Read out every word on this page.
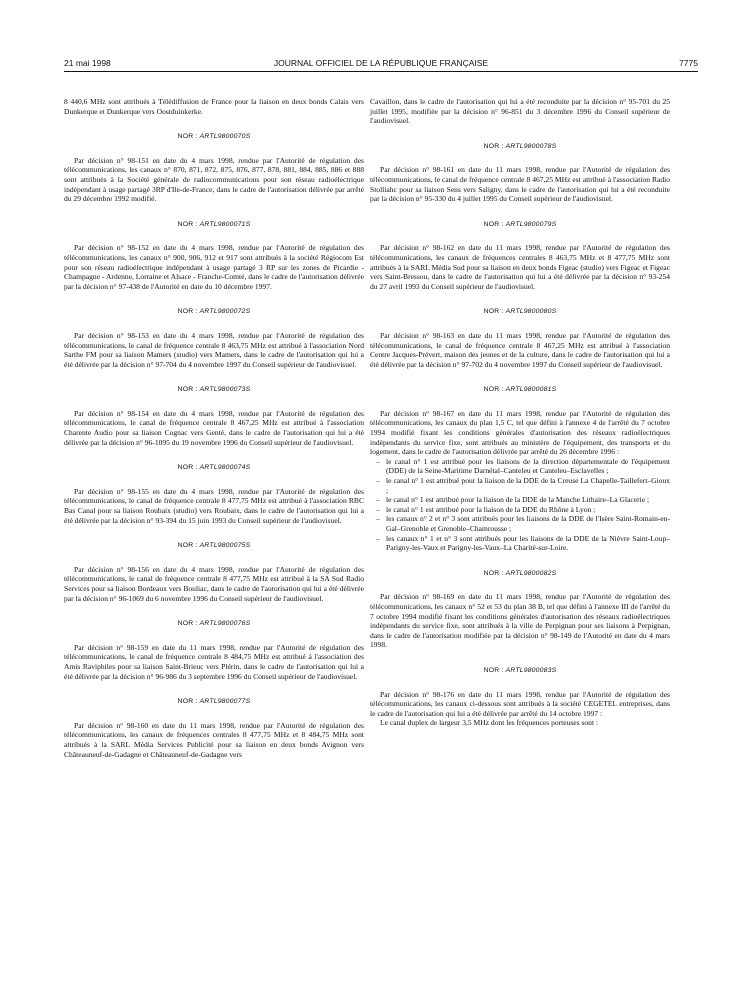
21 mai 1998	JOURNAL OFFICIEL DE LA RÉPUBLIQUE FRANÇAISE	7775

8 440,6 MHz sont attribués à Télédiffusion de France pour la liaison en deux bonds Calais vers Dunkerque et Dunkerque vers Oostduinkerke.

NOR : ARTL9800070S

Par décision n° 98-151 en date du 4 mars 1998, rendue par l'Autorité de régulation des télécommunications, les canaux n° 870, 871, 872, 875, 876, 877, 878, 881, 884, 885, 886 et 888 sont attribués à la Société générale de radiocommunications pour son réseau radioélectrique indépendant à usage partagé 3RP d'Ile-de-France, dans le cadre de l'autorisation délivrée par arrêté du 29 décembre 1992 modifié.

NOR : ARTL9800071S

Par décision n° 98-152 en date du 4 mars 1998, rendue par l'Autorité de régulation des télécommunications, les canaux n° 900, 906, 912 et 917 sont attribués à la société Régiocom Est pour son réseau radioélectrique indépendant à usage partagé 3 RP sur les zones de Picardie - Champagne - Ardenne, Lorraine et Alsace - Franche-Comté, dans le cadre de l'autorisation délivrée par la décision n° 97-438 de l'Autorité en date du 10 décembre 1997.

NOR : ARTL9800072S

Par décision n° 98-153 en date du 4 mars 1998, rendue par l'Autorité de régulation des télécommunications, le canal de fréquence centrale 8 463,75 MHz est attribué à l'association Nord Sarthe FM pour sa liaison Mamers (studio) vers Mamers, dans le cadre de l'autorisation qui lui a été délivrée par la décision n° 97-704 du 4 novembre 1997 du Conseil supérieur de l'audiovisuel.

NOR : ARTL9800073S

Par décision n° 98-154 en date du 4 mars 1998, rendue par l'Autorité de régulation des télécommunications, le canal de fréquence centrale 8 467,25 MHz est attribué à l'association Charente Audio pour sa liaison Cognac vers Genté, dans le cadre de l'autorisation qui lui a été délivrée par la décision n° 96-1095 du 19 novembre 1996 du Conseil supérieur de l'audiovisuel.

NOR : ARTL9800074S

Par décision n° 98-155 en date du 4 mars 1998, rendue par l'Autorité de régulation des télécommunications, le canal de fréquence centrale 8 477,75 MHz est attribué à l'association RBC Bas Canal pour sa liaison Roubaix (studio) vers Roubaix, dans le cadre de l'autorisation qui lui a été délivrée par la décision n° 93-394 du 15 juin 1993 du Conseil supérieur de l'audiovisuel.

NOR : ARTL9800075S

Par décision n° 98-156 en date du 4 mars 1998, rendue par l'Autorité de régulation des télécommunications, le canal de fréquence centrale 8 477,75 MHz est attribué à la SA Sud Radio Services pour sa liaison Bordeaux vers Bouliac, dans le cadre de l'autorisation qui lui a été délivrée par la décision n° 96-1069 du 6 novembre 1996 du Conseil supérieur de l'audiovisuel.

NOR : ARTL9800076S

Par décision n° 98-159 en date du 11 mars 1998, rendue par l'Autorité de régulation des télécommunications, le canal de fréquence centrale 8 484,75 MHz est attribué à l'association des Amis Raviphiles pour sa liaison Saint-Brieuc vers Plérin, dans le cadre de l'autorisation qui lui a été délivrée par la décision n° 96-986 du 3 septembre 1996 du Conseil supérieur de l'audiovisuel.

NOR : ARTL9800077S

Par décision n° 98-160 en date du 11 mars 1998, rendue par l'Autorité de régulation des télécommunications, les canaux de fréquences centrales 8 477,75 MHz et 8 484,75 MHz sont attribués à la SARL Média Services Publicité pour sa liaison en deux bonds Avignon vers Châteauneuf-de-Gadagne et Châteauneuf-de-Gadagne vers

Cavaillon, dans le cadre de l'autorisation qui lui a été reconduite par la décision n° 95-701 du 25 juillet 1995, modifiée par la décision n° 96-851 du 3 décembre 1996 du Conseil supérieur de l'audiovisuel.

NOR : ARTL9800078S

Par décision n° 98-161 en date du 11 mars 1998, rendue par l'Autorité de régulation des télécommunications, le canal de fréquence centrale 8 467,25 MHz est attribué à l'association Radio Stolliahc pour sa liaison Sens vers Saligny, dans le cadre de l'autorisation qui lui a été reconduite par la décision n° 95-330 du 4 juillet 1995 du Conseil supérieur de l'audiovisuel.

NOR : ARTL9800079S

Par décision n° 98-162 en date du 11 mars 1998, rendue par l'Autorité de régulation des télécommunications, les canaux de fréquences centrales 8 463,75 MHz et 8 477,75 MHz sont attribués à la SARL Média Sud pour sa liaison en deux bonds Figeac (studio) vers Figeac et Figeac vers Saint-Bressou, dans le cadre de l'autorisation qui lui a été délivrée par la décision n° 93-254 du 27 avril 1993 du Conseil supérieur de l'audiovisuel.

NOR : ARTL9800080S

Par décision n° 98-163 en date du 11 mars 1998, rendue par l'Autorité de régulation des télécommunications, le canal de fréquence centrale 8 467,25 MHz est attribué à l'association Centre Jacques-Prévert, maison des jeunes et de la culture, dans le cadre de l'autorisation qui lui a été délivrée par la décision n° 97-702 du 4 novembre 1997 du Conseil supérieur de l'audiovisuel.

NOR : ARTL9800081S

Par décision n° 98-167 en date du 11 mars 1998, rendue par l'Autorité de régulation des télécommunications, les canaux du plan 1,5 C, tel que défini à l'annexe 4 de l'arrêté du 7 octobre 1994 modifié fixant les conditions générales d'autorisation des réseaux radioélectriques indépendants du service fixe, sont attribués au ministère de l'équipement, des transports et du logement, dans le cadre de l'autorisation délivrée par arrêté du 26 décembre 1996 :

– le canal n° 1 est attribué pour les liaisons de la direction départementale de l'équipement (DDE) de la Seine-Maritime Darnétal–Canteleu et Canteleu–Esclavelles ;
– le canal n° 1 est attribué pour la liaison de la DDE de la Creuse La Chapelle-Taillefert–Gioux ;
– le canal n° 1 est attribué pour la liaison de la DDE de la Manche Lithaire–La Glacerie ;
– le canal n° 1 est attribué pour la liaison de la DDE du Rhône à Lyon ;
– les canaux n° 2 et n° 3 sont attribués pour les liaisons de la DDE de l'Isère Saint-Romain-en-Gal–Grenoble et Grenoble–Chamrousse ;
– les canaux n° 1 et n° 3 sont attribués pour les liaisons de la DDE de la Nièvre Saint-Loup–Parigny-les-Vaux et Parigny-les-Vaux–La Charité-sur-Loire.
NOR : ARTL9800082S

Par décision n° 98-169 en date du 11 mars 1998, rendue par l'Autorité de régulation des télécommunications, les canaux n° 52 et 53 du plan 38 B, tel que défini à l'annexe III de l'arrêté du 7 octobre 1994 modifié fixant les conditions générales d'autorisation des réseaux radioélectriques indépendants du service fixe, sont attribués à la ville de Perpignan pour ses liaisons à Perpignan, dans le cadre de l'autorisation modifiée par la décision n° 98-149 de l'Autorité en date du 4 mars 1998.

NOR : ARTL9800083S

Par décision n° 98-176 en date du 11 mars 1998, rendue par l'Autorité de régulation des télécommunications, les canaux ci-dessous sont attribués à la société CEGETEL entreprises, dans le cadre de l'autorisation qui lui a été délivrée par arrêté du 14 octobre 1997 :

Le canal duplex de largeur 3,5 MHz dont les fréquences porteuses sont :
